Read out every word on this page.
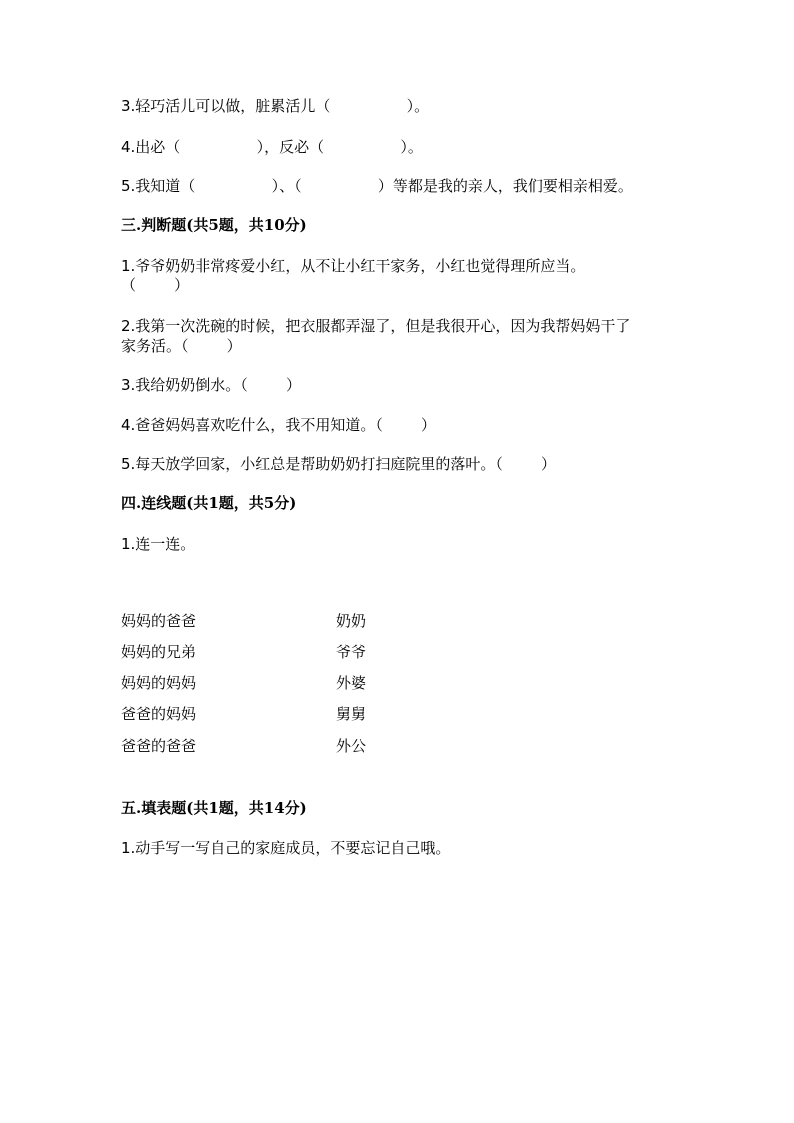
3.轻巧活儿可以做，脏累活儿（                ）。
4.出必（                ），反必（                ）。
5.我知道（                ）、（                ）等都是我的亲人，我们要相亲相爱。
三.判断题(共5题，共10分)
1.爷爷奶奶非常疼爱小红，从不让小红干家务，小红也觉得理所应当。
（        ）
2.我第一次洗碗的时候，把衣服都弄湿了，但是我很开心，因为我帮妈妈干了
家务活。（        ）
3.我给奶奶倒水。（        ）
4.爸爸妈妈喜欢吃什么，我不用知道。（        ）
5.每天放学回家，小红总是帮助奶奶打扫庭院里的落叶。（        ）
四.连线题(共1题，共5分)
1.连一连。
妈妈的爸爸
妈妈的兄弟
妈妈的妈妈
爸爸的妈妈
爸爸的爸爸
奶奶
爷爷
外婆
舅舅
外公
五.填表题(共1题，共14分)
1.动手写一写自己的家庭成员，不要忘记自己哦。
